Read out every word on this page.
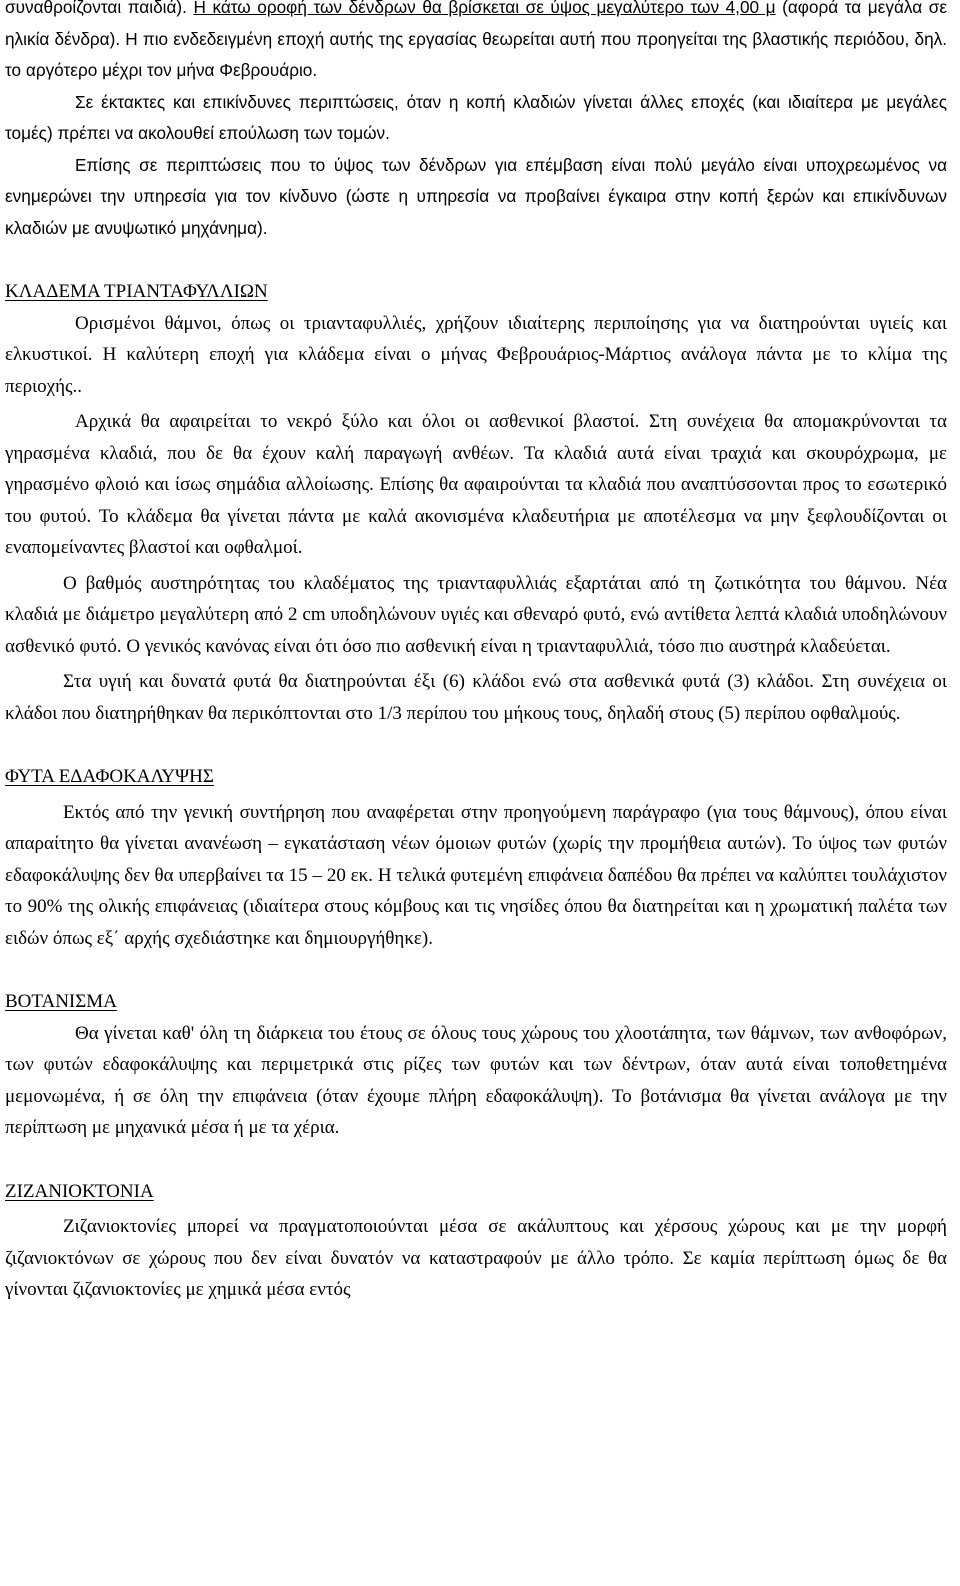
συναθροίζονται παιδιά). Η κάτω οροφή των δένδρων θα βρίσκεται σε ύψος μεγαλύτερο των 4,00 μ (αφορά τα μεγάλα σε ηλικία δένδρα). Η πιο ενδεδειγμένη εποχή αυτής της εργασίας θεωρείται αυτή που προηγείται της βλαστικής περιόδου, δηλ. το αργότερο μέχρι τον μήνα Φεβρουάριο.

Σε έκτακτες και επικίνδυνες περιπτώσεις, όταν η κοπή κλαδιών γίνεται άλλες εποχές (και ιδιαίτερα με μεγάλες τομές) πρέπει να ακολουθεί επούλωση των τομών.

Επίσης σε περιπτώσεις που το ύψος των δένδρων για επέμβαση είναι πολύ μεγάλο είναι υποχρεωμένος να ενημερώνει την υπηρεσία για τον κίνδυνο (ώστε η υπηρεσία να προβαίνει έγκαιρα στην κοπή ξερών και επικίνδυνων κλαδιών με ανυψωτικό μηχάνημα).

ΚΛΑΔΕΜΑ ΤΡΙΑΝΤΑΦΥΛΛΙΩΝ

Ορισμένοι θάμνοι, όπως οι τριανταφυλλιές, χρήζουν ιδιαίτερης περιποίησης για να διατηρούνται υγιείς και ελκυστικοί. Η καλύτερη εποχή για κλάδεμα είναι ο μήνας Φεβρουάριος-Μάρτιος ανάλογα πάντα με το κλίμα της περιοχής..

Αρχικά θα αφαιρείται το νεκρό ξύλο και όλοι οι ασθενικοί βλαστοί. Στη συνέχεια θα απομακρύνονται τα γηρασμένα κλαδιά, που δε θα έχουν καλή παραγωγή ανθέων. Τα κλαδιά αυτά είναι τραχιά και σκουρόχρωμα, με γηρασμένο φλοιό και ίσως σημάδια αλλοίωσης. Επίσης θα αφαιρούνται τα κλαδιά που αναπτύσσονται προς το εσωτερικό του φυτού. Το κλάδεμα θα γίνεται πάντα με καλά ακονισμένα κλαδευτήρια με αποτέλεσμα να μην ξεφλουδίζονται οι εναπομείναντες βλαστοί και οφθαλμοί.

Ο βαθμός αυστηρότητας του κλαδέματος της τριανταφυλλιάς εξαρτάται από τη ζωτικότητα του θάμνου. Νέα κλαδιά με διάμετρο μεγαλύτερη από 2 cm υποδηλώνουν υγιές και σθεναρό φυτό, ενώ αντίθετα λεπτά κλαδιά υποδηλώνουν ασθενικό φυτό. Ο γενικός κανόνας είναι ότι όσο πιο ασθενική είναι η τριανταφυλλιά, τόσο πιο αυστηρά κλαδεύεται.

Στα υγιή και δυνατά φυτά θα διατηρούνται έξι (6) κλάδοι ενώ στα ασθενικά φυτά (3) κλάδοι. Στη συνέχεια οι κλάδοι που διατηρήθηκαν θα περικόπτονται στο 1/3 περίπου του μήκους τους, δηλαδή στους (5) περίπου οφθαλμούς.

ΦΥΤΑ ΕΔΑΦΟΚΑΛΥΨΗΣ

Εκτός από την γενική συντήρηση που αναφέρεται στην προηγούμενη παράγραφο (για τους θάμνους), όπου είναι απαραίτητο θα γίνεται ανανέωση – εγκατάσταση νέων όμοιων φυτών (χωρίς την προμήθεια αυτών). Το ύψος των φυτών εδαφοκάλυψης δεν θα υπερβαίνει τα 15 – 20 εκ. Η τελικά φυτεμένη επιφάνεια δαπέδου θα πρέπει να καλύπτει τουλάχιστον το 90% της ολικής επιφάνειας (ιδιαίτερα στους κόμβους και τις νησίδες όπου θα διατηρείται και η χρωματική παλέτα των ειδών όπως εξ΄ αρχής σχεδιάστηκε και δημιουργήθηκε).

ΒΟΤΑΝΙΣΜΑ

Θα γίνεται καθ' όλη τη διάρκεια του έτους σε όλους τους χώρους του χλοοτάπητα, των θάμνων, των ανθοφόρων, των φυτών εδαφοκάλυψης και περιμετρικά στις ρίζες των φυτών και των δέντρων, όταν αυτά είναι τοποθετημένα μεμονωμένα, ή σε όλη την επιφάνεια (όταν έχουμε πλήρη εδαφοκάλυψη). Το βοτάνισμα θα γίνεται ανάλογα με την περίπτωση με μηχανικά μέσα ή με τα χέρια.

ΖΙΖΑΝΙΟΚΤΟΝΙΑ

Ζιζανιοκτονίες μπορεί να πραγματοποιούνται μέσα σε ακάλυπτους και χέρσους χώρους και με την μορφή ζιζανιοκτόνων σε χώρους που δεν είναι δυνατόν να καταστραφούν με άλλο τρόπο. Σε καμία περίπτωση όμως δε θα γίνονται ζιζανιοκτονίες με χημικά μέσα εντός
